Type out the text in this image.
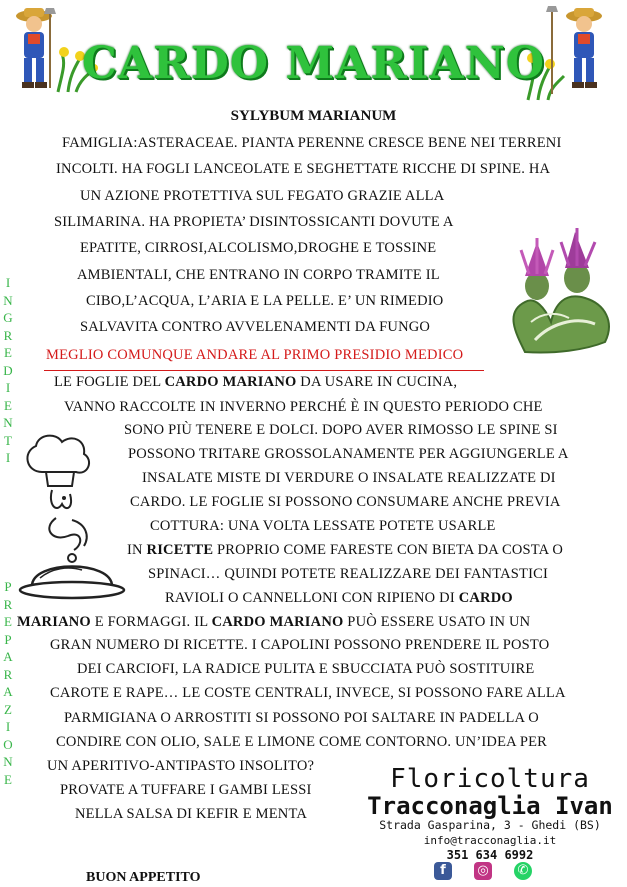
CARDO MARIANO
SYLYBUM MARIANUM
FAMIGLIA:ASTERACEAE. PIANTA PERENNE CRESCE BENE NEI TERRENI
INCOLTI. HA FOGLI LANCEOLATE E SEGHETTATE RICCHE DI SPINE. HA
UN AZIONE PROTETTIVA SUL FEGATO GRAZIE ALLA
SILIMARINA. HA PROPIETA’ DISINTOSSICANTI DOVUTE A
EPATITE, CIRROSI,ALCOLISMO,DROGHE E TOSSINE
AMBIENTALI, CHE ENTRANO IN CORPO TRAMITE IL
CIBO,L’ACQUA, L’ARIA E LA PELLE. E’ UN RIMEDIO
SALVAVITA CONTRO AVVELENAMENTI DA FUNGO
MEGLIO COMUNQUE ANDARE AL PRIMO PRESIDIO MEDICO
LE FOGLIE DEL CARDO MARIANO DA USARE IN CUCINA,
VANNO RACCOLTE IN INVERNO PERCHÉ È IN QUESTO PERIODO CHE
SONO PIÙ TENERE E DOLCI. DOPO AVER RIMOSSO LE SPINE SI
POSSONO TRITARE GROSSOLANAMENTE PER AGGIUNGERLE A
INSALATE MISTE DI VERDURE O INSALATE REALIZZATE DI
CARDO. LE FOGLIE SI POSSONO CONSUMARE ANCHE PREVIA
COTTURA: UNA VOLTA LESSATE POTETE USARLE
IN RICETTE PROPRIO COME FARESTE CON BIETA DA COSTA O
SPINACI… QUINDI POTETE REALIZZARE DEI FANTASTICI
RAVIOLI O CANNELLONI CON RIPIENO DI CARDO
MARIANO E FORMAGGI. IL CARDO MARIANO PUÒ ESSERE USATO IN UN
GRAN NUMERO DI RICETTE. I CAPOLINI POSSONO PRENDERE IL POSTO
DEI CARCIOFI, LA RADICE PULITA E SBUCCIATA PUÒ SOSTITUIRE
CAROTE E RAPE… LE COSTE CENTRALI, INVECE, SI POSSONO FARE ALLA
PARMIGIANA O ARROSTITI SI POSSONO POI SALTARE IN PADELLA O
CONDIRE CON OLIO, SALE E LIMONE COME CONTORNO. UN’IDEA PER
UN APERITIVO-ANTIPASTO INSOLITO?
PROVATE A TUFFARE I GAMBI LESSI
NELLA SALSA DI KEFIR E MENTA
I
N
G
R
E
D
I
E
N
T
I
P
R
E
P
A
R
A
Z
I
O
N
E	Floricoltura
Tracconaglia Ivan
Strada Gasparina, 3 - Ghedi (BS)
info@tracconaglia.it
351 634 6992
f	◎ ✆
BUON APPETITO
